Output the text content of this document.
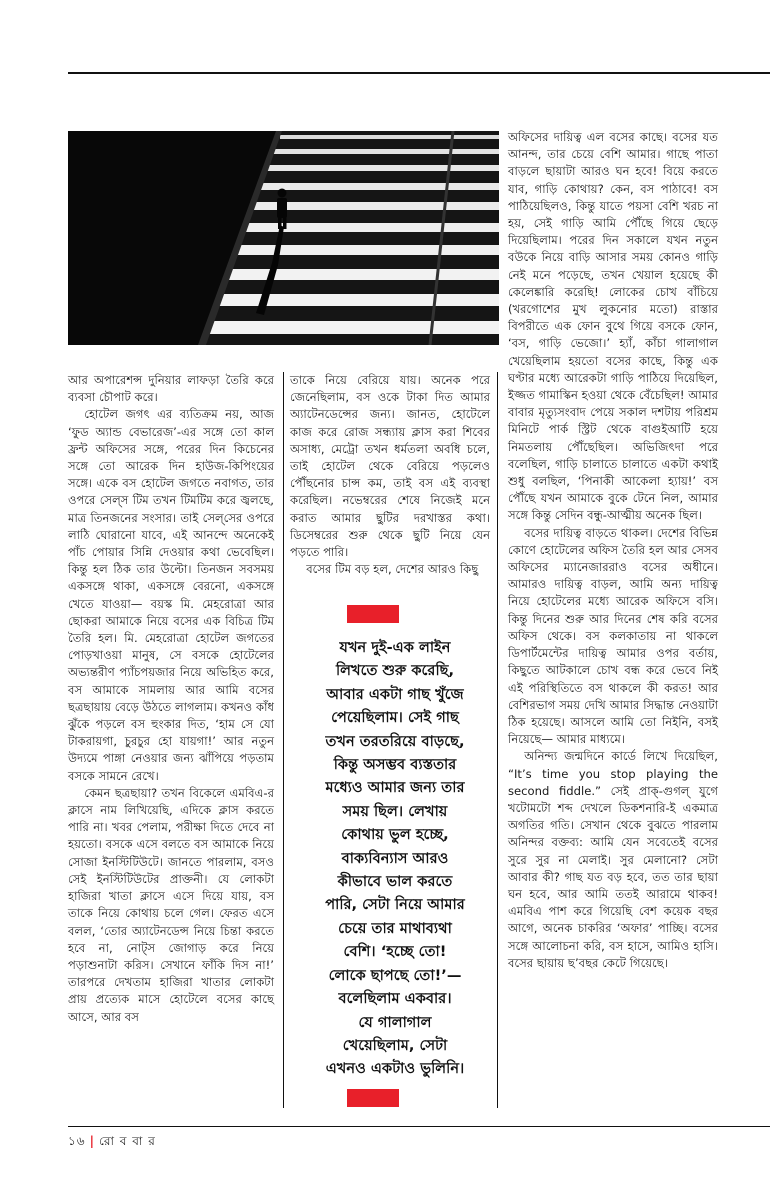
আর অপারেশন্স দুনিয়ার লাফড়া তৈরি করে ব্যবসা চৌপাট করে।

হোটেল জগৎ এর ব্যতিক্রম নয়, আজ ‘ফুড অ্যান্ড বেভারেজ’-এর সঙ্গে তো কাল ফ্রন্ট অফিসের সঙ্গে, পরের দিন কিচেনের সঙ্গে তো আরেক দিন হাউজ-কিপিংয়ের সঙ্গে। একে বস হোটেল জগতে নবাগত, তার ওপরে সেল্‌স টিম তখন টিমটিম করে জ্বলছে, মাত্র তিনজনের সংসার। তাই সেল্‌সের ওপরে লাঠি ঘোরানো যাবে, এই আনন্দে অনেকেই পাঁচ পোয়ার সিন্নি দেওয়ার কথা ভেবেছিল। কিন্তু হল ঠিক তার উল্টো। তিনজন সবসময় একসঙ্গে থাকা, একসঙ্গে বেরনো, একসঙ্গে খেতে যাওয়া— বয়স্ক মি. মেহরোত্রা আর ছোকরা আমাকে নিয়ে বসের এক বিচিত্র টিম তৈরি হল। মি. মেহরোত্রা হোটেল জগতের পোড়খাওয়া মানুষ, সে বসকে হোটেলের অভ্যন্তরীণ প্যাঁচপয়জার নিয়ে অভিহিত করে, বস আমাকে সামলায় আর আমি বসের ছত্রছায়ায় বেড়ে উঠতে লাগলাম। কখনও কাঁধ ঝুঁকে পড়লে বস হুংকার দিত, ‘হাম সে যো টাকরায়গা, চুরচুর হো যায়গা!’ আর নতুন উদ্যমে পাঙ্গা নেওয়ার জন্য ঝাঁপিয়ে পড়তাম বসকে সামনে রেখে।

কেমন ছত্রছায়া? তখন বিকেলে এমবিএ-র ক্লাসে নাম লিখিয়েছি, এদিকে ক্লাস করতে পারি না। খবর পেলাম, পরীক্ষা দিতে দেবে না হয়তো। বসকে এসে বলতে বস আমাকে নিয়ে সোজা ইনস্টিটিউটে। জানতে পারলাম, বসও সেই ইনস্টিটিউটের প্রাক্তনী। যে লোকটা হাজিরা খাতা ক্লাসে এসে দিয়ে যায়, বস তাকে নিয়ে কোথায় চলে গেল। ফেরত এসে বলল, ‘তোর অ্যাটেনডেন্স নিয়ে চিন্তা করতে হবে না, নোট্‌স জোগাড় করে নিয়ে পড়াশুনাটা করিস। সেখানে ফাঁকি দিস না!’ তারপরে দেখতাম হাজিরা খাতার লোকটা প্রায় প্রত্যেক মাসে হোটেলে বসের কাছে আসে, আর বস

তাকে নিয়ে বেরিয়ে যায়। অনেক পরে জেনেছিলাম, বস ওকে টাকা দিত আমার অ্যাটেনডেন্সের জন্য। জানত, হোটেলে কাজ করে রোজ সন্ধ্যায় ক্লাস করা শিবের অসাধ্য, মেট্রো তখন ধর্মতলা অবধি চলে, তাই হোটেল থেকে বেরিয়ে পড়লেও পৌঁছনোর চান্স কম, তাই বস এই ব্যবস্থা করেছিল। নভেম্বরের শেষে নিজেই মনে করাত আমার ছুটির দরখাস্তর কথা। ডিসেম্বরের শুরু থেকে ছুটি নিয়ে যেন পড়তে পারি।

বসের টিম বড় হল, দেশের আরও কিছু

যখন দুই-এক লাইন

লিখতে শুরু করেছি,

আবার একটা গাছ খুঁজে

পেয়েছিলাম। সেই গাছ

তখন তরতরিয়ে বাড়ছে,

কিন্তু অসম্ভব ব্যস্ততার

মধ্যেও আমার জন্য তার

সময় ছিল। লেখায়

কোথায় ভুল হচ্ছে,

বাক্যবিন্যাস আরও

কীভাবে ভাল করতে

পারি, সেটা নিয়ে আমার

চেয়ে তার মাথাব্যথা

বেশি। ‘হচ্ছে তো!

লোকে ছাপছে তো!’—

বলেছিলাম একবার।

যে গালাগাল

খেয়েছিলাম, সেটা

এখনও একটাও ভুলিনি।

অফিসের দায়িত্ব এল বসের কাছে। বসের যত আনন্দ, তার চেয়ে বেশি আমার। গাছে পাতা বাড়লে ছায়াটা আরও ঘন হবে! বিয়ে করতে যাব, গাড়ি কোথায়? কেন, বস পাঠাবে! বস পাঠিয়েছিলও, কিন্তু যাতে পয়সা বেশি খরচ না হয়, সেই গাড়ি আমি পৌঁছে গিয়ে ছেড়ে দিয়েছিলাম। পরের দিন সকালে যখন নতুন বউকে নিয়ে বাড়ি আসার সময় কোনও গাড়ি নেই মনে পড়েছে, তখন খেয়াল হয়েছে কী কেলেঙ্কারি করেছি! লোকের চোখ বাঁচিয়ে (খরগোশের মুখ লুকনোর মতো) রাস্তার বিপরীতে এক ফোন বুথে গিয়ে বসকে ফোন, ‘বস, গাড়ি ভেজো।’ হ্যাঁ, কাঁচা গালাগাল খেয়েছিলাম হয়তো বসের কাছে, কিন্তু এক ঘণ্টার মধ্যে আরেকটা গাড়ি পাঠিয়ে দিয়েছিল, ইজ্জত গামাস্কিন হওয়া থেকে বেঁচেছিল! আমার বাবার মৃত্যুসংবাদ পেয়ে সকাল দশটায় পরিশ্রম মিনিটে পার্ক স্ট্রিট থেকে বাগুইআটি হয়ে নিমতলায় পৌঁছেছিল। অভিজিৎদা পরে বলেছিল, গাড়ি চালাতে চালাতে একটা কথাই শুধু বলছিল, ‘পিনাকী আকেলা হ্যায়!’ বস পৌঁছে যখন আমাকে বুকে টেনে নিল, আমার সঙ্গে কিন্তু সেদিন বন্ধু-আত্মীয় অনেক ছিল।

বসের দায়িত্ব বাড়তে থাকল। দেশের বিভিন্ন কোণে হোটেলের অফিস তৈরি হল আর সেসব অফিসের ম্যানেজাররাও বসের অধীনে। আমারও দায়িত্ব বাড়ল, আমি অন্য দায়িত্ব নিয়ে হোটেলের মধ্যে আরেক অফিসে বসি। কিন্তু দিনের শুরু আর দিনের শেষ করি বসের অফিস থেকে। বস কলকাতায় না থাকলে ডিপার্টমেন্টের দায়িত্ব আমার ওপর বর্তায়, কিছুতে আটকালে চোখ বন্ধ করে ভেবে নিই এই পরিস্থিতিতে বস থাকলে কী করত! আর বেশিরভাগ সময় দেখি আমার সিদ্ধান্ত নেওয়াটা ঠিক হয়েছে। আসলে আমি তো নিইনি, বসই নিয়েছে— আমার মাধ্যমে।

অনিন্দ্য জন্মদিনে কার্ডে লিখে দিয়েছিল, “It’s time you stop playing the second fiddle.” সেই প্রাক্‌-গুগল্‌ যুগে খটোমটো শব্দ দেখলে ডিকশনারি-ই একমাত্র অগতির গতি। সেখান থেকে বুঝতে পারলাম অনিন্দর বক্তব্য: আমি যেন সবেতেই বসের সুরে সুর না মেলাই। সুর মেলানো? সেটা আবার কী? গাছ যত বড় হবে, তত তার ছায়া ঘন হবে, আর আমি ততই আরামে থাকব! এমবিএ পাশ করে গিয়েছি বেশ কয়েক বছর আগে, অনেক চাকরির ‘অফার’ পাচ্ছি। বসের সঙ্গে আলোচনা করি, বস হাসে, আমিও হাসি। বসের ছায়ায় ছ’বছর কেটে গিয়েছে।

১৬ | রো ব বা র
